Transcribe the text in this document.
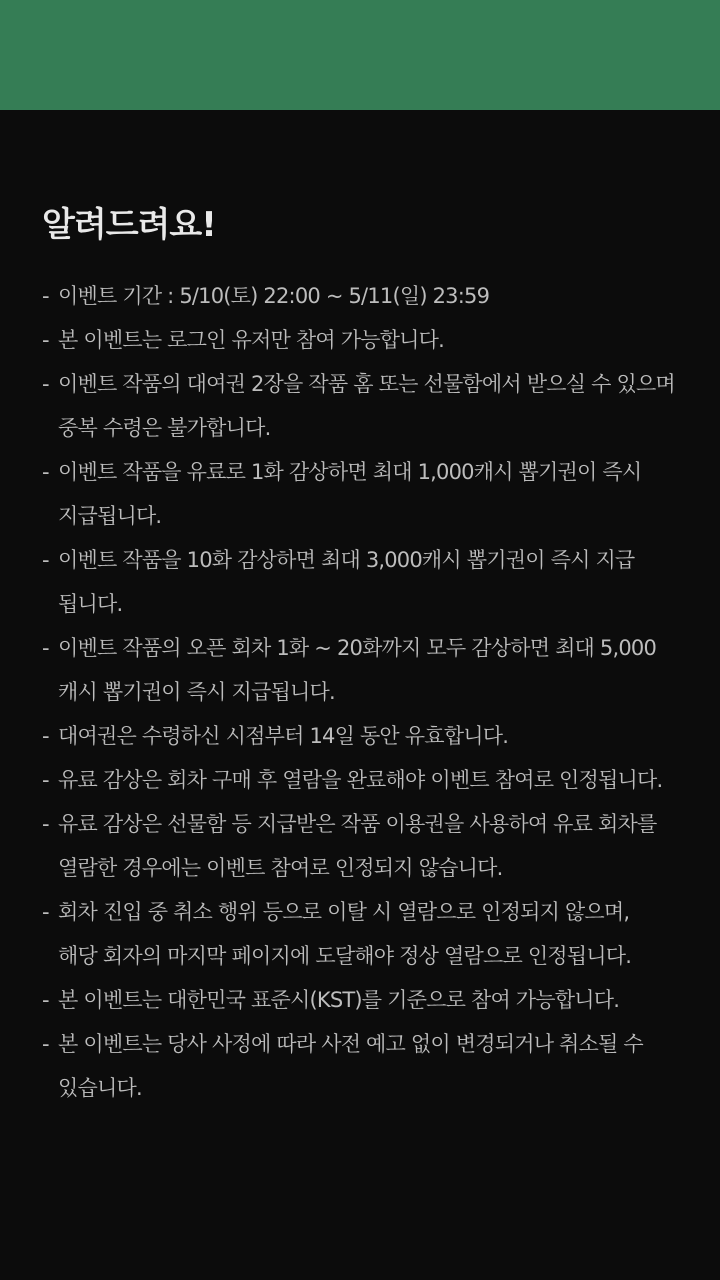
알려드려요!
- 이벤트 기간 : 5/10(토) 22:00 ~ 5/11(일) 23:59
- 본 이벤트는 로그인 유저만 참여 가능합니다.
- 이벤트 작품의 대여권 2장을 작품 홈 또는 선물함에서 받으실 수 있으며
중복 수령은 불가합니다.
- 이벤트 작품을 유료로 1화 감상하면 최대 1,000캐시 뽑기권이 즉시
지급됩니다.
- 이벤트 작품을 10화 감상하면 최대 3,000캐시 뽑기권이 즉시 지급
됩니다.
- 이벤트 작품의 오픈 회차 1화 ~ 20화까지 모두 감상하면 최대 5,000
캐시 뽑기권이 즉시 지급됩니다.
- 대여권은 수령하신 시점부터 14일 동안 유효합니다.
- 유료 감상은 회차 구매 후 열람을 완료해야 이벤트 참여로 인정됩니다.
- 유료 감상은 선물함 등 지급받은 작품 이용권을 사용하여 유료 회차를
열람한 경우에는 이벤트 참여로 인정되지 않습니다.
- 회차 진입 중 취소 행위 등으로 이탈 시 열람으로 인정되지 않으며,
해당 회자의 마지막 페이지에 도달해야 정상 열람으로 인정됩니다.
- 본 이벤트는 대한민국 표준시(KST)를 기준으로 참여 가능합니다.
- 본 이벤트는 당사 사정에 따라 사전 예고 없이 변경되거나 취소될 수
있습니다.
